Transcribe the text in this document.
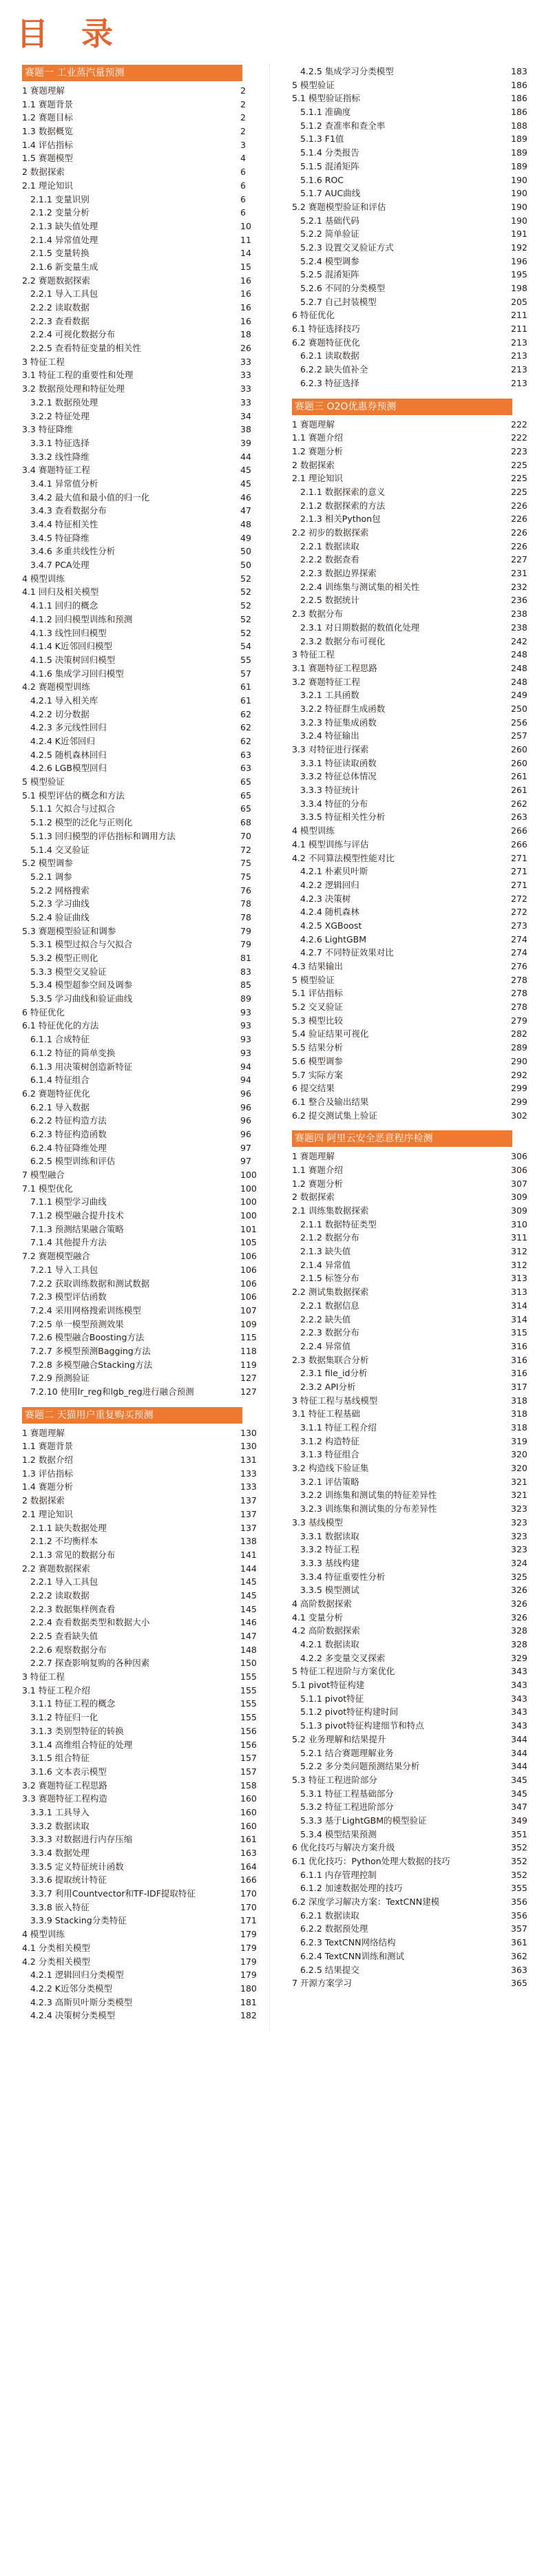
目 录
赛题一 工业蒸汽量预测
1 赛题理解	2
1.1 赛题背景	2
1.2 赛题目标	2
1.3 数据概览	2
1.4 评估指标	3
1.5 赛题模型	4
2 数据探索	6
2.1 理论知识	6
2.1.1 变量识别	6
2.1.2 变量分析	6
2.1.3 缺失值处理	10
2.1.4 异常值处理	11
2.1.5 变量转换	14
2.1.6 新变量生成	15
2.2 赛题数据探索	16
2.2.1 导入工具包	16
2.2.2 读取数据	16
2.2.3 查看数据	16
2.2.4 可视化数据分布	18
2.2.5 查看特征变量的相关性	26
3 特征工程	33
3.1 特征工程的重要性和处理	33
3.2 数据预处理和特征处理	33
3.2.1 数据预处理	33
3.2.2 特征处理	34
3.3 特征降维	38
3.3.1 特征选择	39
3.3.2 线性降维	44
3.4 赛题特征工程	45
3.4.1 异常值分析	45
3.4.2 最大值和最小值的归一化	46
3.4.3 查看数据分布	47
3.4.4 特征相关性	48
3.4.5 特征降维	49
3.4.6 多重共线性分析	50
3.4.7 PCA处理	50
4 模型训练	52
4.1 回归及相关模型	52
4.1.1 回归的概念	52
4.1.2 回归模型训练和预测	52
4.1.3 线性回归模型	52
4.1.4 K近邻回归模型	54
4.1.5 决策树回归模型	55
4.1.6 集成学习回归模型	57
4.2 赛题模型训练	61
4.2.1 导入相关库	61
4.2.2 切分数据	62
4.2.3 多元线性回归	62
4.2.4 K近邻回归	62
4.2.5 随机森林回归	63
4.2.6 LGB模型回归	63
5 模型验证	65
5.1 模型评估的概念和方法	65
5.1.1 欠拟合与过拟合	65
5.1.2 模型的泛化与正则化	68
5.1.3 回归模型的评估指标和调用方法	70
5.1.4 交叉验证	72
5.2 模型调参	75
5.2.1 调参	75
5.2.2 网格搜索	76
5.2.3 学习曲线	78
5.2.4 验证曲线	78
5.3 赛题模型验证和调参	79
5.3.1 模型过拟合与欠拟合	79
5.3.2 模型正则化	81
5.3.3 模型交叉验证	83
5.3.4 模型超参空间及调参	85
5.3.5 学习曲线和验证曲线	89
6 特征优化	93
6.1 特征优化的方法	93
6.1.1 合成特征	93
6.1.2 特征的简单变换	93
6.1.3 用决策树创造新特征	94
6.1.4 特征组合	94
6.2 赛题特征优化	96
6.2.1 导入数据	96
6.2.2 特征构造方法	96
6.2.3 特征构造函数	96
6.2.4 特征降维处理	97
6.2.5 模型训练和评估	97
7 模型融合	100
7.1 模型优化	100
7.1.1 模型学习曲线	100
7.1.2 模型融合提升技术	100
7.1.3 预测结果融合策略	101
7.1.4 其他提升方法	105
7.2 赛题模型融合	106
7.2.1 导入工具包	106
7.2.2 获取训练数据和测试数据	106
7.2.3 模型评估函数	106
7.2.4 采用网格搜索训练模型	107
7.2.5 单一模型预测效果	109
7.2.6 模型融合Boosting方法	115
7.2.7 多模型预测Bagging方法	118
7.2.8 多模型融合Stacking方法	119
7.2.9 预测验证	127
7.2.10 使用lr_reg和lgb_reg进行融合预测	127
赛题二 天猫用户重复购买预测
1 赛题理解	130
1.1 赛题背景	130
1.2 数据介绍	131
1.3 评估指标	133
1.4 赛题分析	133
2 数据探索	137
2.1 理论知识	137
2.1.1 缺失数据处理	137
2.1.2 不均衡样本	138
2.1.3 常见的数据分布	141
2.2 赛题数据探索	144
2.2.1 导入工具包	145
2.2.2 读取数据	145
2.2.3 数据集样例查看	145
2.2.4 查看数据类型和数据大小	146
2.2.5 查看缺失值	147
2.2.6 观察数据分布	148
2.2.7 探查影响复购的各种因素	150
3 特征工程	155
3.1 特征工程介绍	155
3.1.1 特征工程的概念	155
3.1.2 特征归一化	155
3.1.3 类别型特征的转换	156
3.1.4 高维组合特征的处理	156
3.1.5 组合特征	157
3.1.6 文本表示模型	157
3.2 赛题特征工程思路	158
3.3 赛题特征工程构造	160
3.3.1 工具导入	160
3.3.2 数据读取	160
3.3.3 对数据进行内存压缩	161
3.3.4 数据处理	163
3.3.5 定义特征统计函数	164
3.3.6 提取统计特征	166
3.3.7 利用Countvector和TF-IDF提取特征	170
3.3.8 嵌入特征	170
3.3.9 Stacking分类特征	171
4 模型训练	179
4.1 分类相关模型	179
4.2 分类相关模型	179
4.2.1 逻辑回归分类模型	179
4.2.2 K近邻分类模型	180
4.2.3 高斯贝叶斯分类模型	181
4.2.4 决策树分类模型	182
4.2.5 集成学习分类模型	183
5 模型验证	186
5.1 模型验证指标	186
5.1.1 准确度	186
5.1.2 查准率和查全率	188
5.1.3 F1值	189
5.1.4 分类报告	189
5.1.5 混淆矩阵	189
5.1.6 ROC	190
5.1.7 AUC曲线	190
5.2 赛题模型验证和评估	190
5.2.1 基础代码	190
5.2.2 简单验证	191
5.2.3 设置交叉验证方式	192
5.2.4 模型调参	196
5.2.5 混淆矩阵	195
5.2.6 不同的分类模型	198
5.2.7 自己封装模型	205
6 特征优化	211
6.1 特征选择技巧	211
6.2 赛题特征优化	213
6.2.1 读取数据	213
6.2.2 缺失值补全	213
6.2.3 特征选择	213
赛题三 O2O优惠券预测
1 赛题理解	222
1.1 赛题介绍	222
1.2 赛题分析	223
2 数据探索	225
2.1 理论知识	225
2.1.1 数据探索的意义	225
2.1.2 数据探索的方法	226
2.1.3 相关Python包	226
2.2 初步的数据探索	226
2.2.1 数据读取	226
2.2.2 数据查看	227
2.2.3 数据边界探索	231
2.2.4 训练集与测试集的相关性	232
2.2.5 数据统计	236
2.3 数据分布	238
2.3.1 对日期数据的数值化处理	238
2.3.2 数据分布可视化	242
3 特征工程	248
3.1 赛题特征工程思路	248
3.2 赛题特征工程	248
3.2.1 工具函数	249
3.2.2 特征群生成函数	250
3.2.3 特征集成函数	256
3.2.4 特征输出	257
3.3 对特征进行探索	260
3.3.1 特征读取函数	260
3.3.2 特征总体情况	261
3.3.3 特征统计	261
3.3.4 特征的分布	262
3.3.5 特征相关性分析	263
4 模型训练	266
4.1 模型训练与评估	266
4.2 不同算法模型性能对比	271
4.2.1 朴素贝叶斯	271
4.2.2 逻辑回归	271
4.2.3 决策树	272
4.2.4 随机森林	272
4.2.5 XGBoost	273
4.2.6 LightGBM	274
4.2.7 不同特征效果对比	274
4.3 结果输出	276
5 模型验证	278
5.1 评估指标	278
5.2 交叉验证	278
5.3 模型比较	279
5.4 验证结果可视化	282
5.5 结果分析	289
5.6 模型调参	290
5.7 实际方案	292
6 提交结果	299
6.1 整合及输出结果	299
6.2 提交测试集上验证	302
赛题四 阿里云安全恶意程序检测
1 赛题理解	306
1.1 赛题介绍	306
1.2 赛题分析	307
2 数据探索	309
2.1 训练集数据探索	309
2.1.1 数据特征类型	310
2.1.2 数据分布	311
2.1.3 缺失值	312
2.1.4 异常值	312
2.1.5 标签分布	313
2.2 测试集数据探索	313
2.2.1 数据信息	314
2.2.2 缺失值	314
2.2.3 数据分布	315
2.2.4 异常值	316
2.3 数据集联合分析	316
2.3.1 file_id分析	316
2.3.2 API分析	317
3 特征工程与基线模型	318
3.1 特征工程基础	318
3.1.1 特征工程介绍	318
3.1.2 构造特征	319
3.1.3 特征组合	320
3.2 构造线下验证集	320
3.2.1 评估策略	321
3.2.2 训练集和测试集的特征差异性	321
3.2.3 训练集和测试集的分布差异性	323
3.3 基线模型	323
3.3.1 数据读取	323
3.3.2 特征工程	323
3.3.3 基线构建	324
3.3.4 特征重要性分析	325
3.3.5 模型测试	326
4 高阶数据探索	326
4.1 变量分析	326
4.2 高阶数据探索	328
4.2.1 数据读取	328
4.2.2 多变量交叉探索	329
5 特征工程进阶与方案优化	343
5.1 pivot特征构建	343
5.1.1 pivot特征	343
5.1.2 pivot特征构建时间	343
5.1.3 pivot特征构建细节和特点	343
5.2 业务理解和结果提升	344
5.2.1 结合赛题理解业务	344
5.2.2 多分类问题预测结果分析	344
5.3 特征工程进阶部分	345
5.3.1 特征工程基础部分	345
5.3.2 特征工程进阶部分	347
5.3.3 基于LightGBM的模型验证	349
5.3.4 模型结果预测	351
6 优化技巧与解决方案升级	352
6.1 优化技巧：Python处理大数据的技巧	352
6.1.1 内存管理控制	352
6.1.2 加速数据处理的技巧	355
6.2 深度学习解决方案：TextCNN建模	356
6.2.1 数据读取	356
6.2.2 数据预处理	357
6.2.3 TextCNN网络结构	361
6.2.4 TextCNN训练和测试	362
6.2.5 结果提交	363
7 开源方案学习	365
